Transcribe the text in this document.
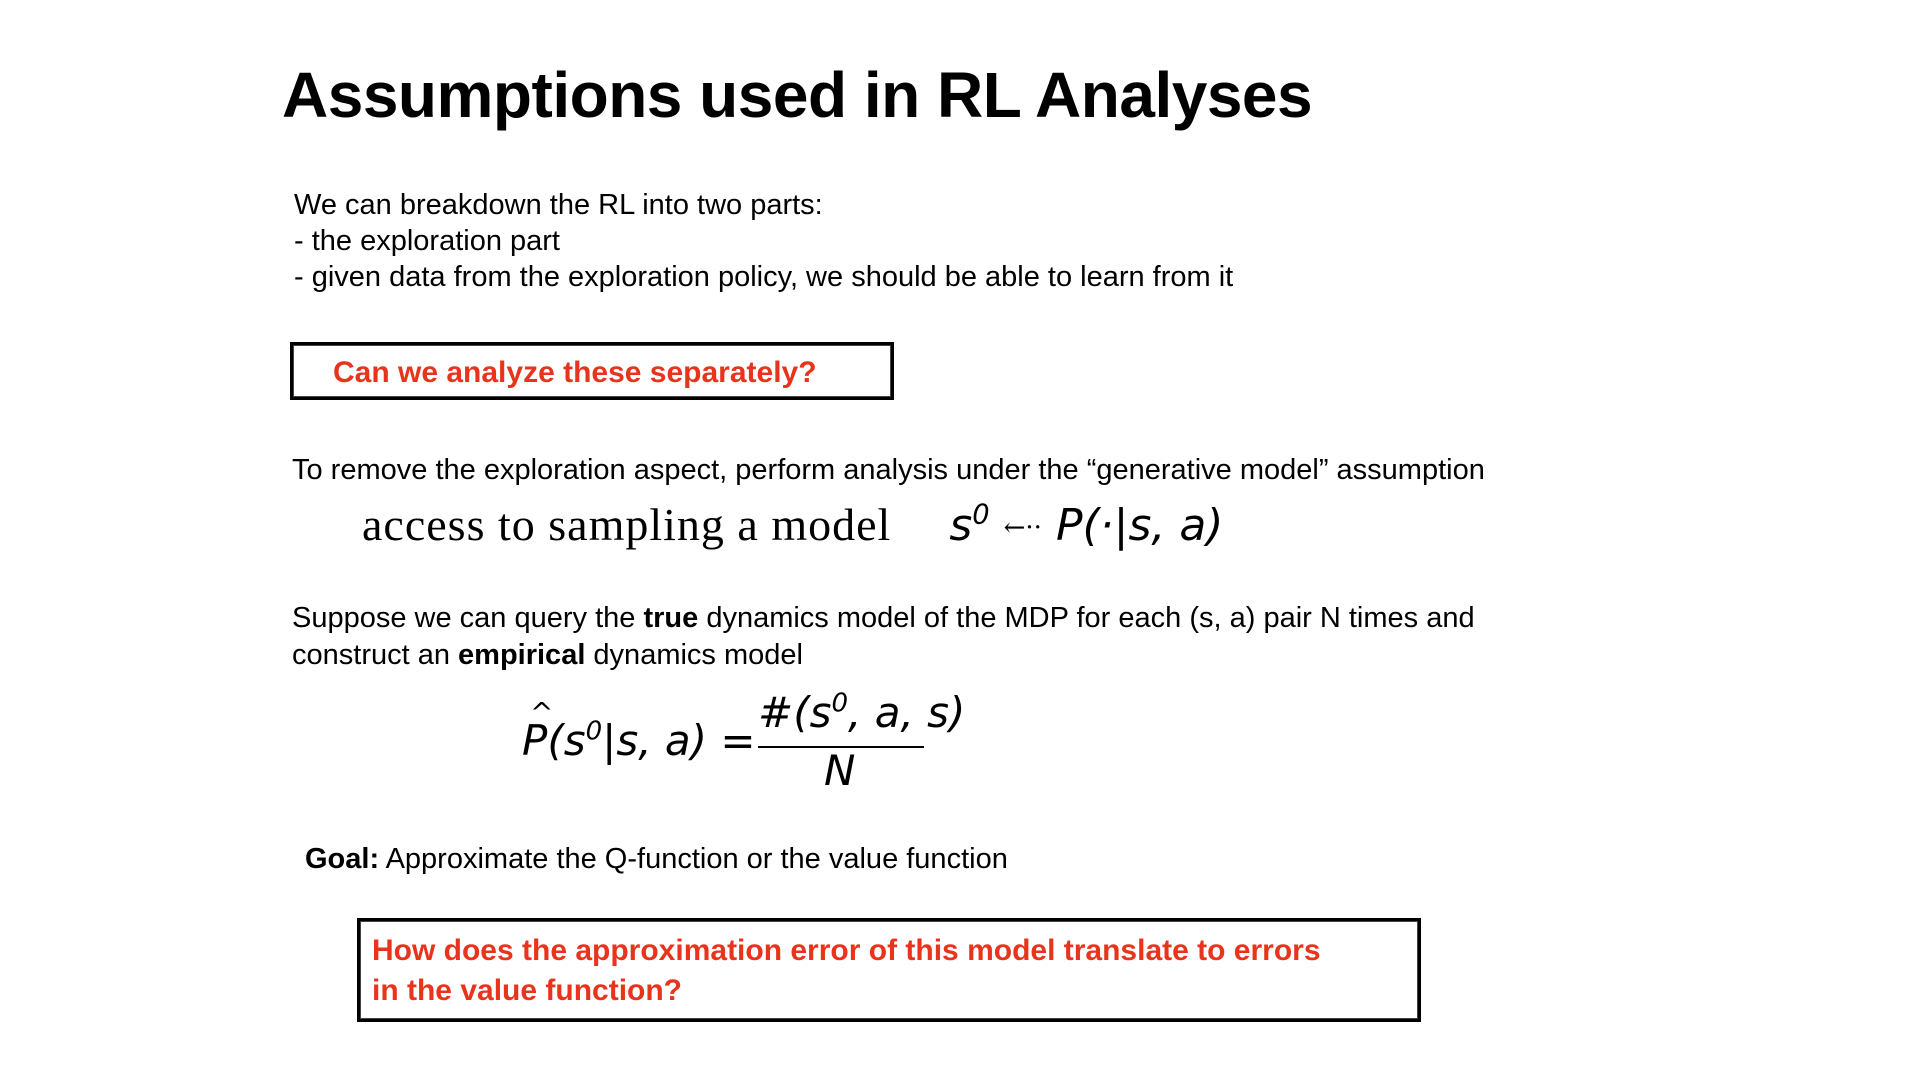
Assumptions used in RL Analyses
We can breakdown the RL into two parts:
- the exploration part
- given data from the exploration policy, we should be able to learn from it
Can we analyze these separately?
To remove the exploration aspect, perform analysis under the “generative model” assumption
access to sampling a model $s^0$ ←·· P(·|s, a)
Suppose we can query the true dynamics model of the MDP for each (s, a) pair N times and
construct an empirical dynamics model
^ $P(s^0|s$, a) =
$\#(s^0$, a, s)
N
Goal: Approximate the Q-function or the value function
How does the approximation error of this model translate to errors
in the value function?
